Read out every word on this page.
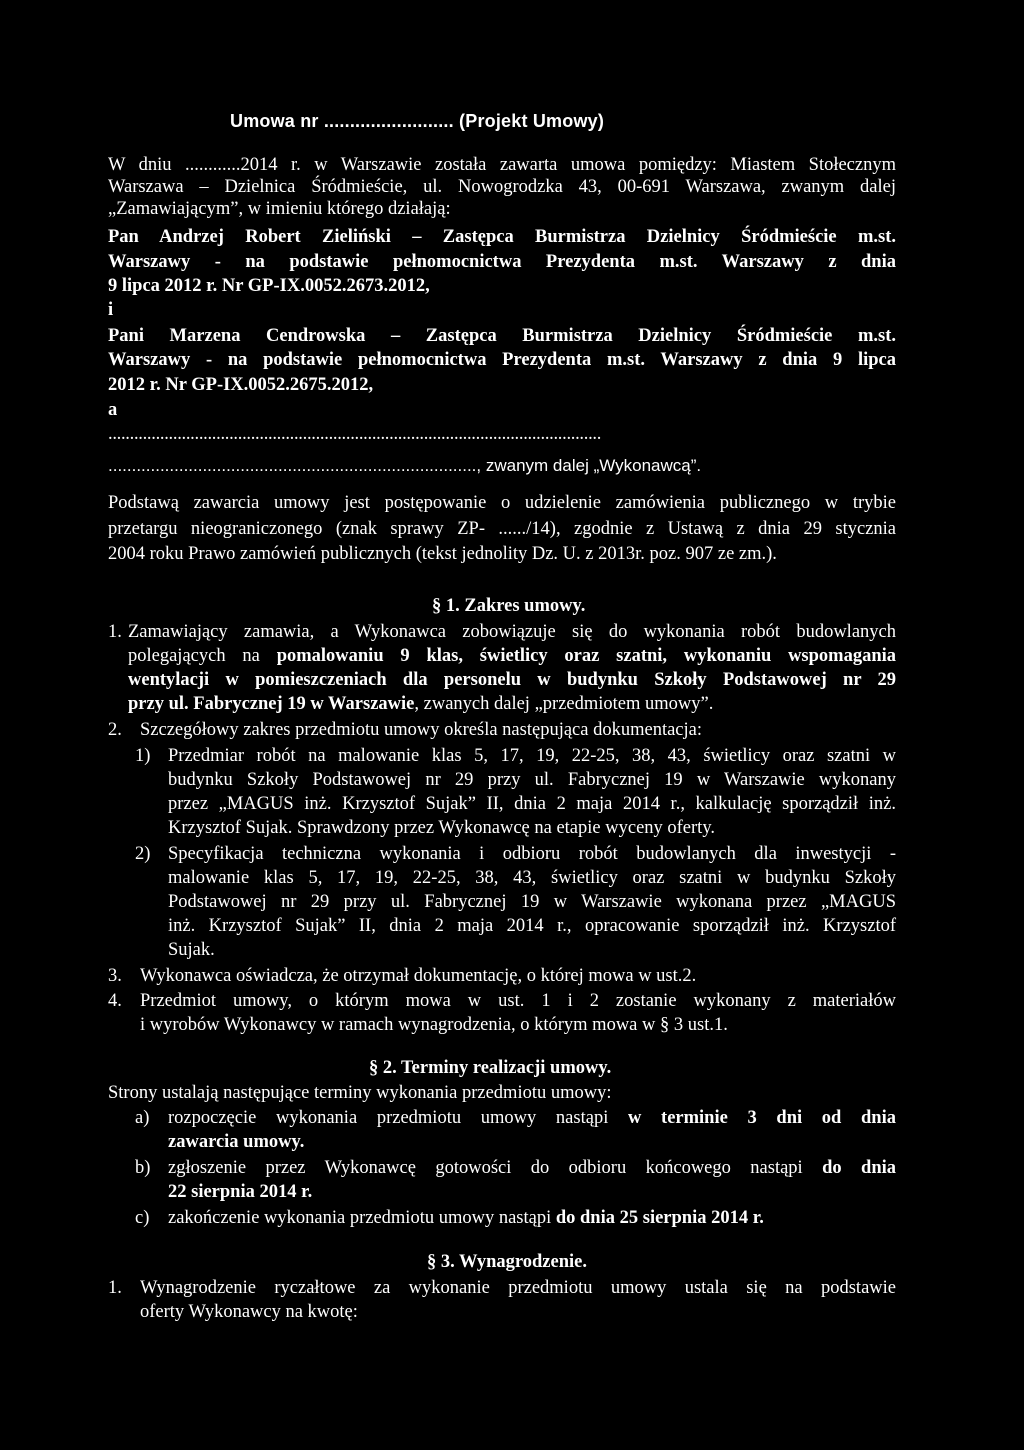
Umowa nr ......................... (Projekt Umowy)
W dniu ............2014 r. w Warszawie została zawarta umowa pomiędzy: Miastem Stołecznym
Warszawa – Dzielnica Śródmieście, ul. Nowogrodzka 43, 00-691 Warszawa, zwanym dalej
„Zamawiającym”, w imieniu którego działają:
Pan Andrzej Robert Zieliński – Zastępca Burmistrza Dzielnicy Śródmieście m.st.
Warszawy - na podstawie pełnomocnictwa Prezydenta m.st. Warszawy z dnia
9 lipca 2012 r. Nr GP-IX.0052.2673.2012,
i
Pani Marzena Cendrowska – Zastępca Burmistrza Dzielnicy Śródmieście m.st.
Warszawy - na podstawie pełnomocnictwa Prezydenta m.st. Warszawy z dnia 9 lipca
2012 r. Nr GP-IX.0052.2675.2012,
a
..................................................................................................................
.............................................................................., zwanym dalej „Wykonawcą”.
Podstawą zawarcia umowy jest postępowanie o udzielenie zamówienia publicznego w trybie
przetargu nieograniczonego (znak sprawy ZP- ....../14), zgodnie z Ustawą z dnia 29 stycznia
2004 roku Prawo zamówień publicznych (tekst jednolity Dz. U. z 2013r. poz. 907 ze zm.).
§ 1. Zakres umowy.
1. Zamawiający zamawia, a Wykonawca zobowiązuje się do wykonania robót budowlanych
polegających na pomalowaniu 9 klas, świetlicy oraz szatni, wykonaniu wspomagania
wentylacji w pomieszczeniach dla personelu w budynku Szkoły Podstawowej nr 29
przy ul. Fabrycznej 19 w Warszawie, zwanych dalej „przedmiotem umowy”.
2. Szczegółowy zakres przedmiotu umowy określa następująca dokumentacja:
1) Przedmiar robót na malowanie klas 5, 17, 19, 22-25, 38, 43, świetlicy oraz szatni w
budynku Szkoły Podstawowej nr 29 przy ul. Fabrycznej 19 w Warszawie wykonany
przez „MAGUS inż. Krzysztof Sujak” II, dnia 2 maja 2014 r., kalkulację sporządził inż.
Krzysztof Sujak. Sprawdzony przez Wykonawcę na etapie wyceny oferty.
2) Specyfikacja techniczna wykonania i odbioru robót budowlanych dla inwestycji -
malowanie klas 5, 17, 19, 22-25, 38, 43, świetlicy oraz szatni w budynku Szkoły
Podstawowej nr 29 przy ul. Fabrycznej 19 w Warszawie wykonana przez „MAGUS
inż. Krzysztof Sujak” II, dnia 2 maja 2014 r., opracowanie sporządził inż. Krzysztof
Sujak.
3. Wykonawca oświadcza, że otrzymał dokumentację, o której mowa w ust.2.
4. Przedmiot umowy, o którym mowa w ust. 1 i 2 zostanie wykonany z materiałów
i wyrobów Wykonawcy w ramach wynagrodzenia, o którym mowa w § 3 ust.1.
§ 2. Terminy realizacji umowy.
Strony ustalają następujące terminy wykonania przedmiotu umowy:
a) rozpoczęcie wykonania przedmiotu umowy nastąpi w terminie 3 dni od dnia
zawarcia umowy.
b) zgłoszenie przez Wykonawcę gotowości do odbioru końcowego nastąpi do dnia
22 sierpnia 2014 r.
c) zakończenie wykonania przedmiotu umowy nastąpi do dnia 25 sierpnia 2014 r.
§ 3. Wynagrodzenie.
1. Wynagrodzenie ryczałtowe za wykonanie przedmiotu umowy ustala się na podstawie
oferty Wykonawcy na kwotę:
